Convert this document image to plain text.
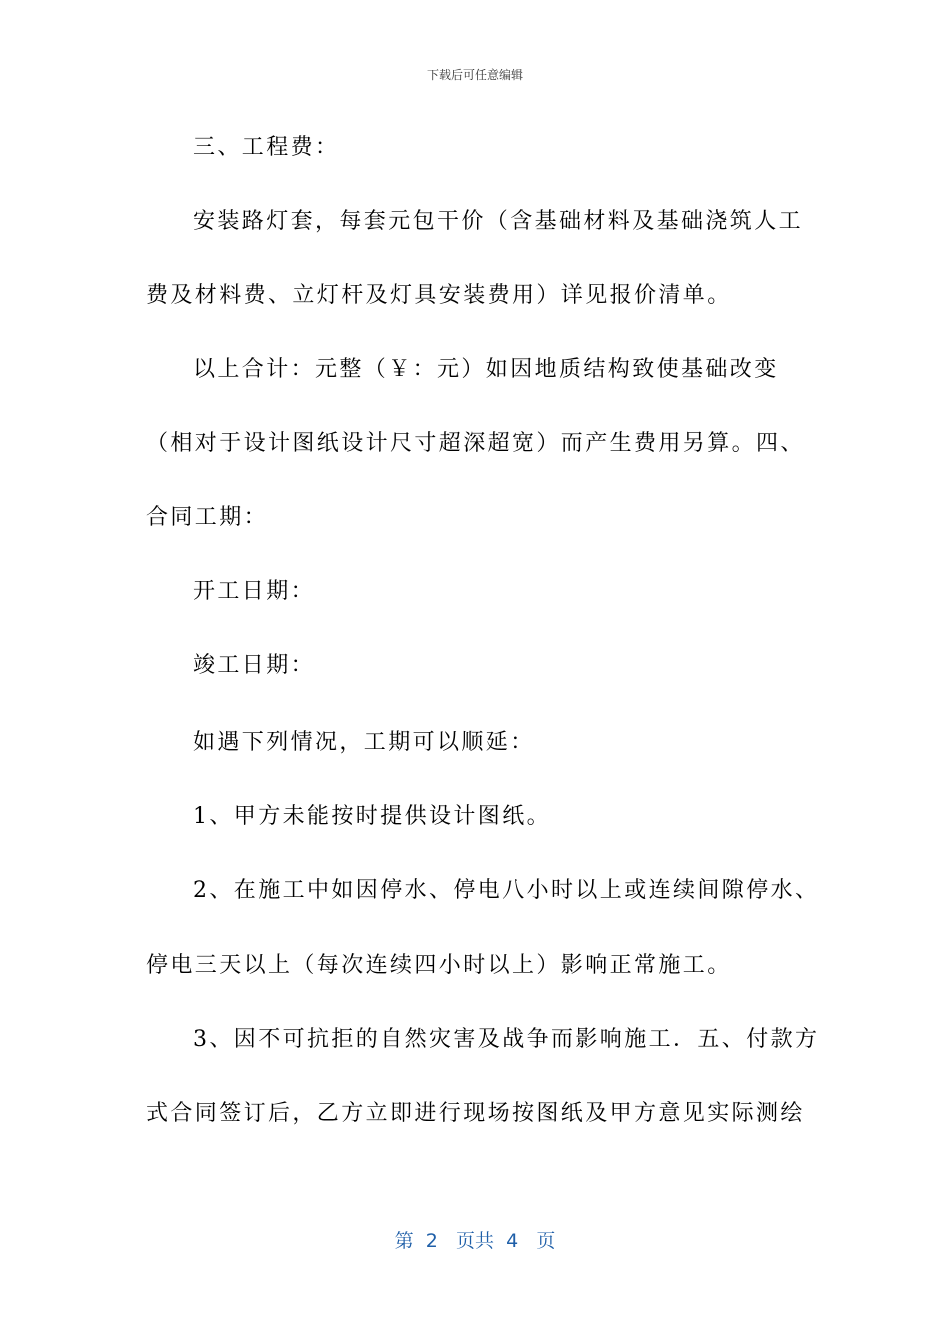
下载后可任意编辑
三、工程费：
安装路灯套，每套元包干价（含基础材料及基础浇筑人工
费及材料费、立灯杆及灯具安装费用）详见报价清单。
以上合计：元整（￥：元）如因地质结构致使基础改变
（相对于设计图纸设计尺寸超深超宽）而产生费用另算。四、
合同工期：
开工日期：
竣工日期：
如遇下列情况，工期可以顺延：
1、甲方未能按时提供设计图纸。
2、在施工中如因停水、停电八小时以上或连续间隙停水、
停电三天以上（每次连续四小时以上）影响正常施工。
3、因不可抗拒的自然灾害及战争而影响施工．五、付款方
式合同签订后，乙方立即进行现场按图纸及甲方意见实际测绘
第 2 页共 4 页
